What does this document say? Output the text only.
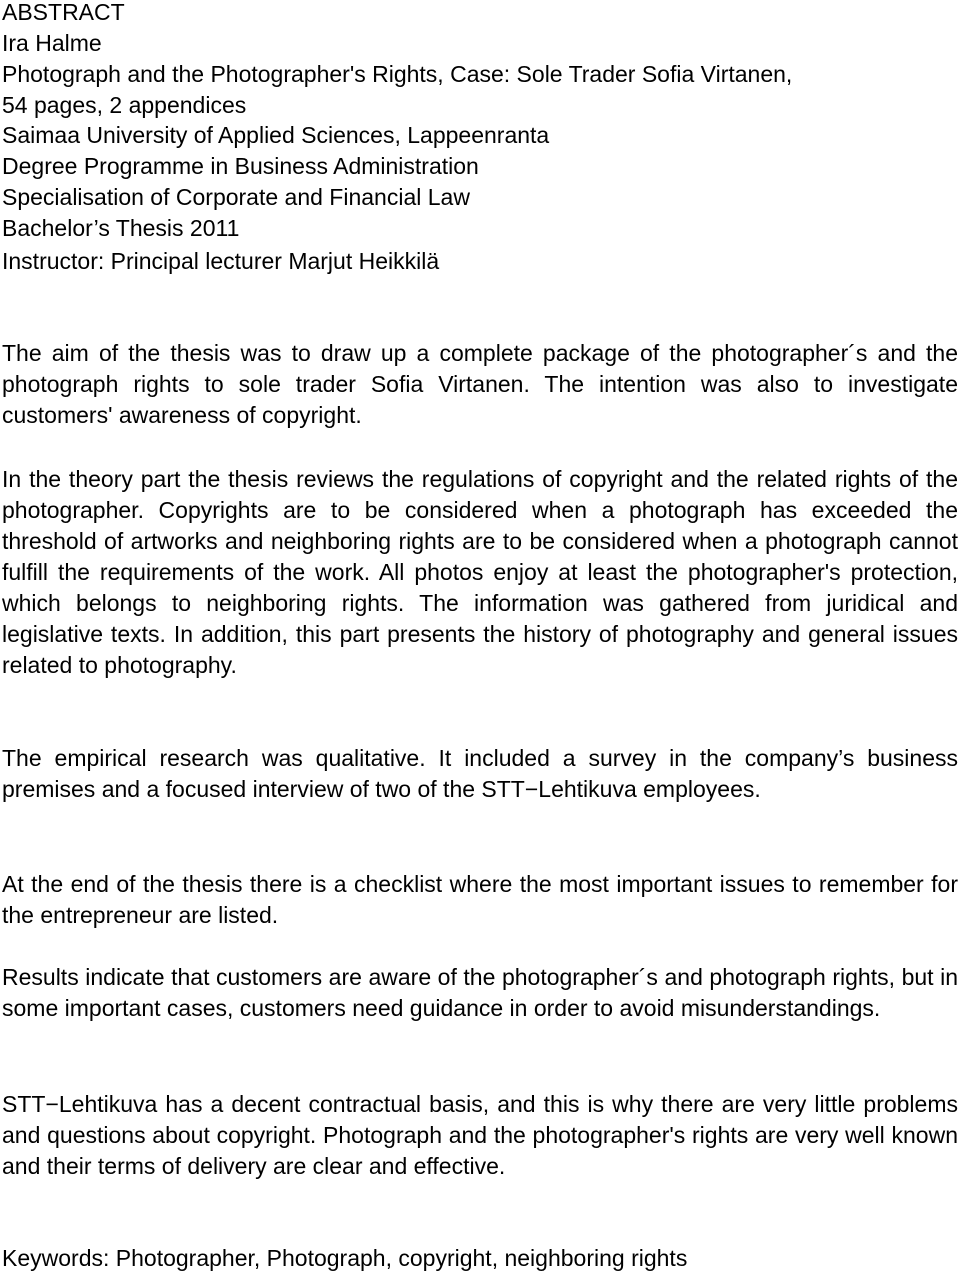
ABSTRACT
Ira Halme
Photograph and the Photographer's Rights, Case: Sole Trader Sofia Virtanen,
54 pages, 2 appendices
Saimaa University of Applied Sciences, Lappeenranta
Degree Programme in Business Administration
Specialisation of Corporate and Financial Law
Bachelor’s Thesis 2011
Instructor: Principal lecturer Marjut Heikkilä
The aim of the thesis was to draw up a complete package of the photographer´s and the photograph rights to sole trader Sofia Virtanen. The intention was also to investigate customers' awareness of copyright.
In the theory part the thesis reviews the regulations of copyright and the related rights of the photographer. Copyrights are to be considered when a photograph has exceeded the threshold of artworks and neighboring rights are to be considered when a photograph cannot fulfill the requirements of the work. All photos enjoy at least the photographer's protection, which belongs to neighboring rights. The information was gathered from juridical and legislative texts. In addition, this part presents the history of photography and general issues related to photography.
The empirical research was qualitative. It included a survey in the company’s business premises and a focused interview of two of the STT−Lehtikuva employees.
At the end of the thesis there is a checklist where the most important issues to remember for the entrepreneur are listed.
Results indicate that customers are aware of the photographer´s and photograph rights, but in some important cases, customers need guidance in order to avoid misunderstandings.
STT−Lehtikuva has a decent contractual basis, and this is why there are very little problems and questions about copyright. Photograph and the photographer's rights are very well known and their terms of delivery are clear and effective.
Keywords: Photographer, Photograph, copyright, neighboring rights
